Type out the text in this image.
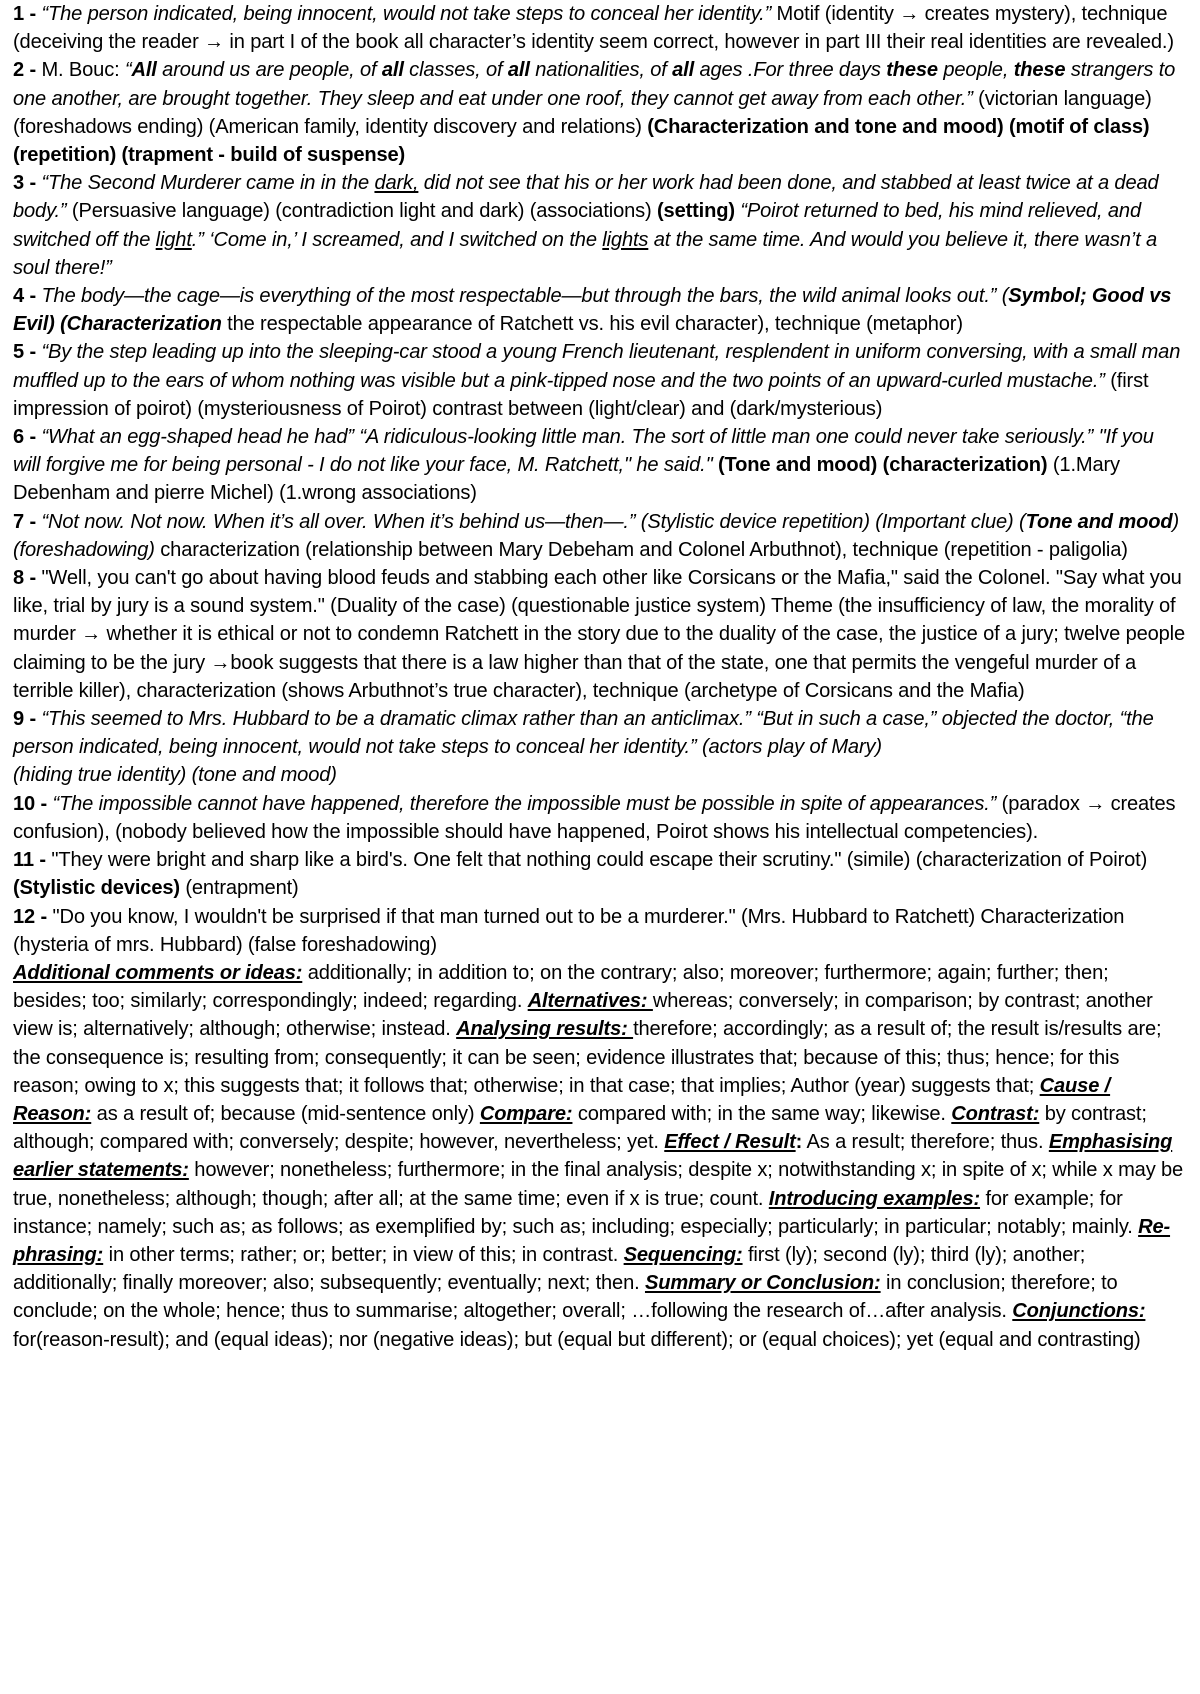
1 - “The person indicated, being innocent, would not take steps to conceal her identity.” Motif (identity → creates mystery), technique (deceiving the reader → in part I of the book all character’s identity seem correct, however in part III their real identities are revealed.)

2 - M. Bouc: “All around us are people, of all classes, of all nationalities, of all ages .For three days these people, these strangers to one another, are brought together. They sleep and eat under one roof, they cannot get away from each other.” (victorian language) (foreshadows ending) (American family, identity discovery and relations) (Characterization and tone and mood) (motif of class) (repetition) (trapment - build of suspense)

3 - “The Second Murderer came in in the dark, did not see that his or her work had been done, and stabbed at least twice at a dead body.” (Persuasive language) (contradiction light and dark) (associations) (setting) “Poirot returned to bed, his mind relieved, and switched off the light.” ‘Come in,’ I screamed, and I switched on the lights at the same time. And would you believe it, there wasn’t a soul there!”

4 - The body—the cage—is everything of the most respectable—but through the bars, the wild animal looks out.” (Symbol; Good vs Evil) (Characterization the respectable appearance of Ratchett vs. his evil character), technique (metaphor)

5 - “By the step leading up into the sleeping-car stood a young French lieutenant, resplendent in uniform conversing, with a small man muffled up to the ears of whom nothing was visible but a pink-tipped nose and the two points of an upward-curled mustache.” (first impression of poirot) (mysteriousness of Poirot) contrast between (light/clear) and (dark/mysterious)

6 - “What an egg-shaped head he had” “A ridiculous-looking little man. The sort of little man one could never take seriously.” "If you will forgive me for being personal - I do not like your face, M. Ratchett," he said." (Tone and mood) (characterization) (1.Mary Debenham and pierre Michel) (1.wrong associations)

7 - “Not now. Not now. When it’s all over. When it’s behind us—then—.” (Stylistic device repetition) (Important clue) (Tone and mood) (foreshadowing) characterization (relationship between Mary Debeham and Colonel Arbuthnot), technique (repetition - paligolia)

8 - "Well, you can't go about having blood feuds and stabbing each other like Corsicans or the Mafia," said the Colonel. "Say what you like, trial by jury is a sound system." (Duality of the case) (questionable justice system) Theme (the insufficiency of law, the morality of murder → whether it is ethical or not to condemn Ratchett in the story due to the duality of the case, the justice of a jury; twelve people claiming to be the jury →book suggests that there is a law higher than that of the state, one that permits the vengeful murder of a terrible killer), characterization (shows Arbuthnot’s true character), technique (archetype of Corsicans and the Mafia)

9 - “This seemed to Mrs. Hubbard to be a dramatic climax rather than an anticlimax.” “But in such a case,” objected the doctor, “the person indicated, being innocent, would not take steps to conceal her identity.” (actors play of Mary)

(hiding true identity) (tone and mood)

10 - “The impossible cannot have happened, therefore the impossible must be possible in spite of appearances.” (paradox → creates confusion), (nobody believed how the impossible should have happened, Poirot shows his intellectual competencies).

11 - "They were bright and sharp like a bird's. One felt that nothing could escape their scrutiny." (simile) (characterization of Poirot) (Stylistic devices) (entrapment)

12 - "Do you know, I wouldn't be surprised if that man turned out to be a murderer." (Mrs. Hubbard to Ratchett) Characterization (hysteria of mrs. Hubbard) (false foreshadowing)

Additional comments or ideas: additionally; in addition to; on the contrary; also; moreover; furthermore; again; further; then; besides; too; similarly; correspondingly; indeed; regarding. Alternatives: whereas; conversely; in comparison; by contrast; another view is; alternatively; although; otherwise; instead. Analysing results: therefore; accordingly; as a result of; the result is/results are; the consequence is; resulting from; consequently; it can be seen; evidence illustrates that; because of this; thus; hence; for this reason; owing to x; this suggests that; it follows that; otherwise; in that case; that implies; Author (year) suggests that; Cause / Reason: as a result of; because (mid-sentence only) Compare: compared with; in the same way; likewise. Contrast: by contrast; although; compared with; conversely; despite; however, nevertheless; yet. Effect / Result: As a result; therefore; thus. Emphasising earlier statements: however; nonetheless; furthermore; in the final analysis; despite x; notwithstanding x; in spite of x; while x may be true, nonetheless; although; though; after all; at the same time; even if x is true; count. Introducing examples: for example; for instance; namely; such as; as follows; as exemplified by; such as; including; especially; particularly; in particular; notably; mainly. Re-phrasing: in other terms; rather; or; better; in view of this; in contrast. Sequencing: first (ly); second (ly); third (ly); another; additionally; finally moreover; also; subsequently; eventually; next; then. Summary or Conclusion: in conclusion; therefore; to conclude; on the whole; hence; thus to summarise; altogether; overall; …following the research of…after analysis. Conjunctions: for(reason-result); and (equal ideas); nor (negative ideas); but (equal but different); or (equal choices); yet (equal and contrasting)
